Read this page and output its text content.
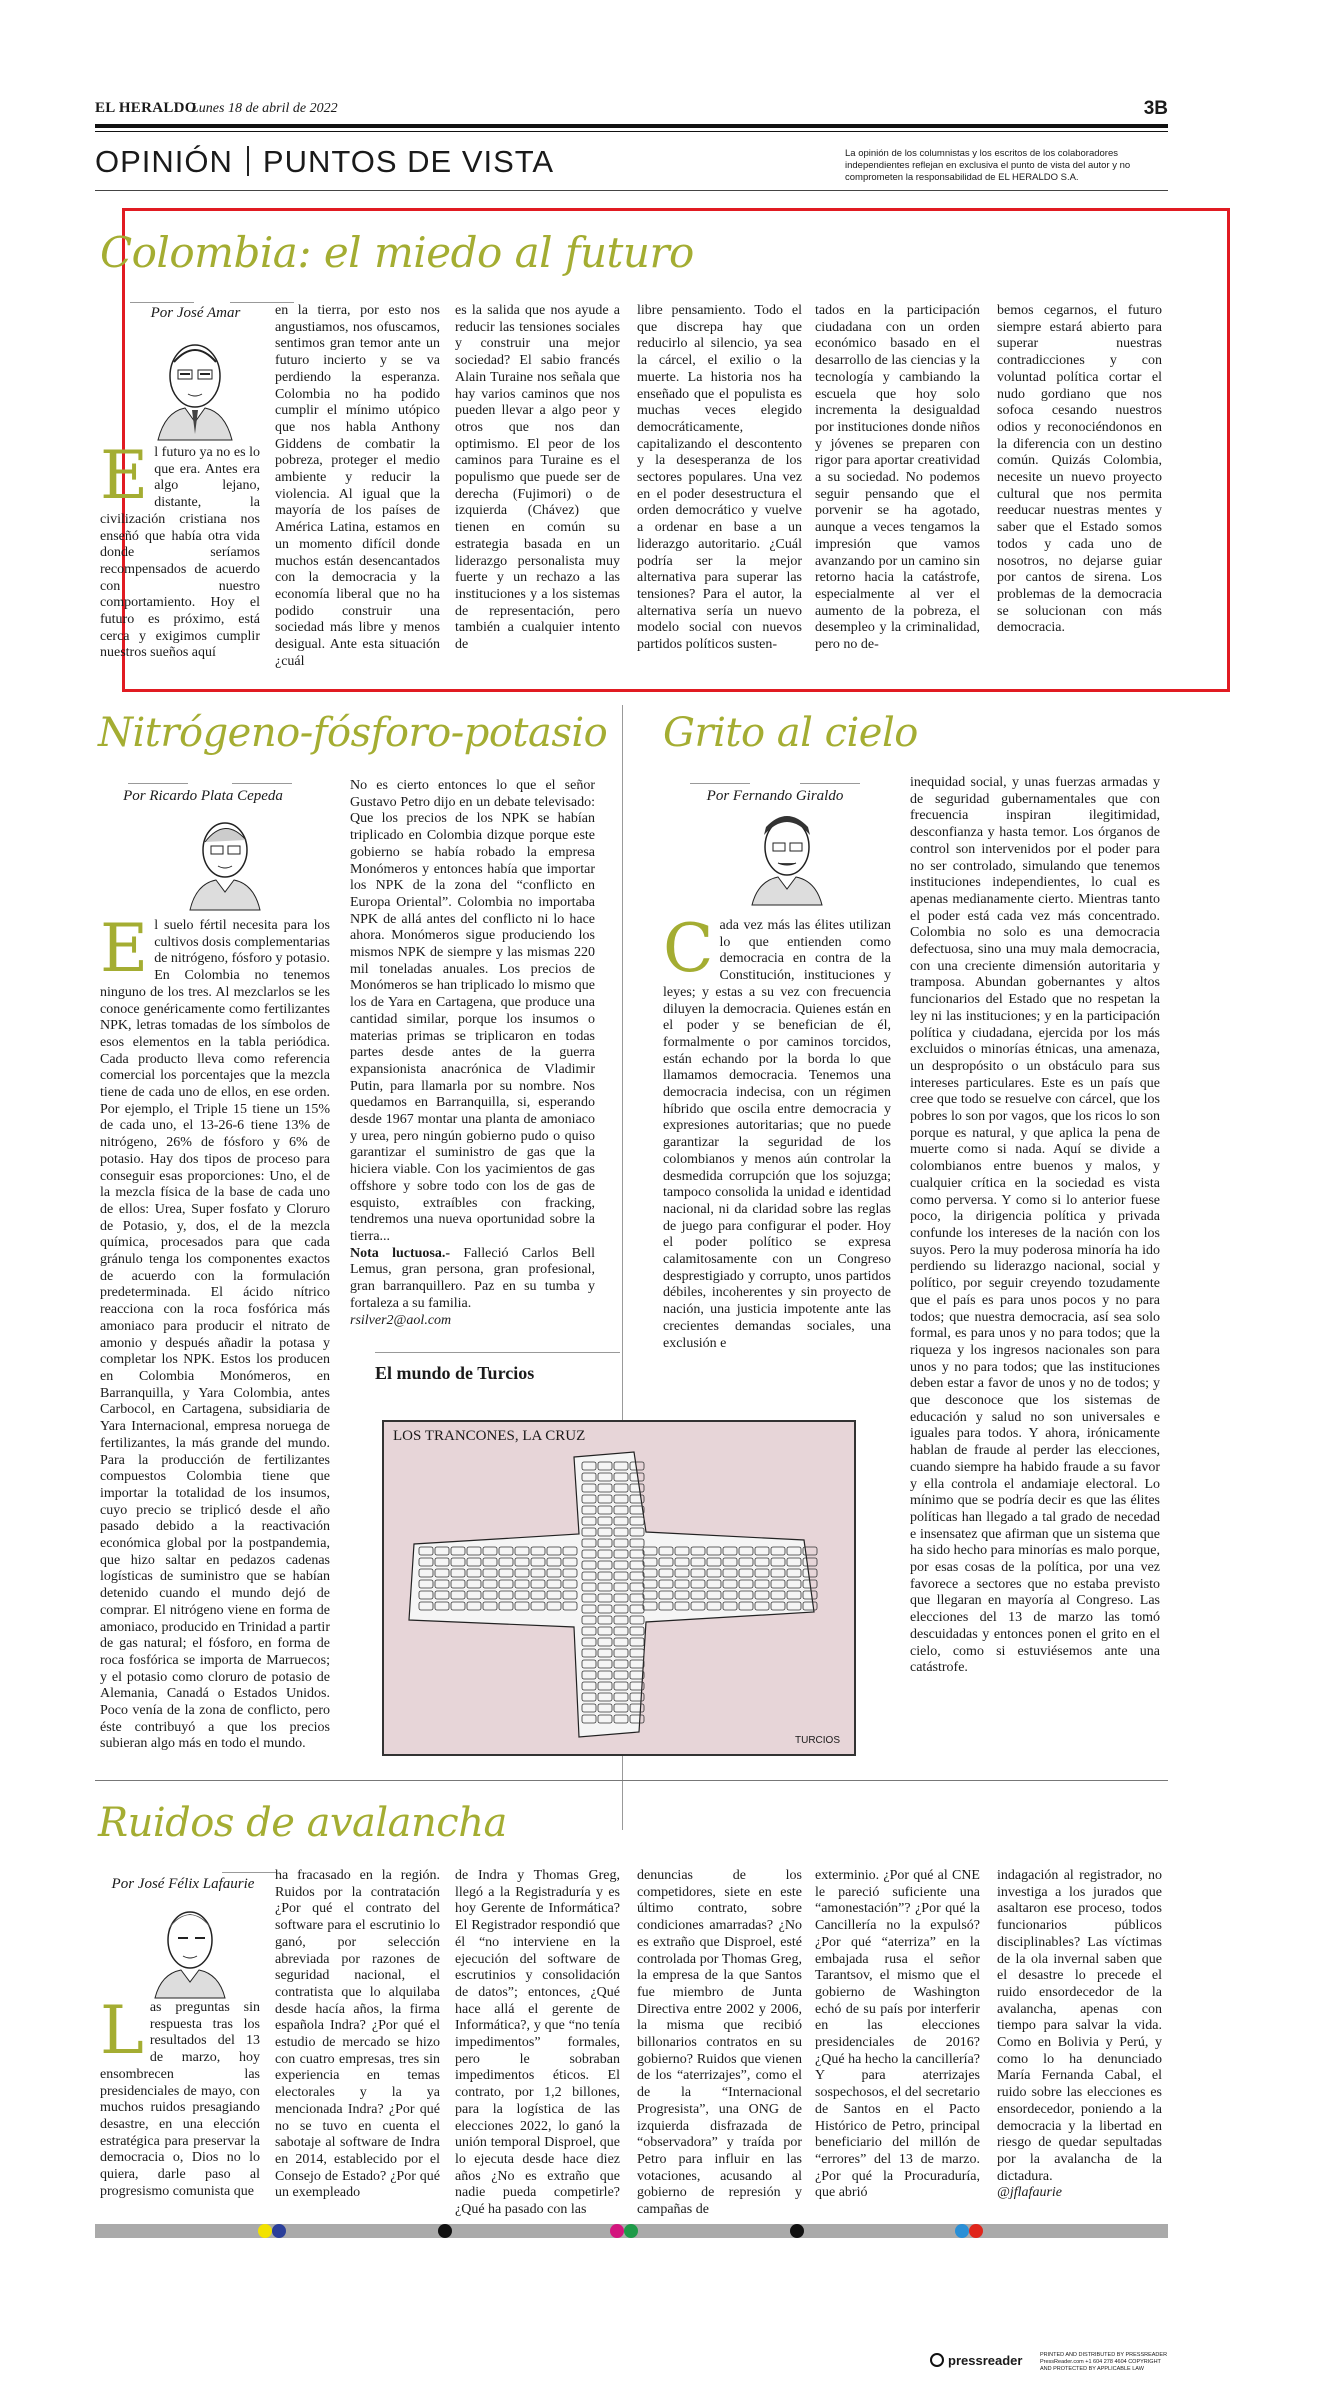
EL HERALDO
Lunes 18 de abril de 2022	3B
OPINIÓN PUNTOS DE VISTA	La opinión de los columnistas y los escritos de los colaboradores independientes reflejan en exclusiva el punto de vista del autor y no comprometen la responsabilidad de EL HERALDO S.A.
Colombia: el miedo al futuro
Por José Amar
El futuro ya no es lo que era. Antes era algo lejano, distante, la civilización cristiana nos enseñó que había otra vida donde seríamos recompensados de acuerdo con nuestro comportamiento. Hoy el futuro es próximo, está cerca y exigimos cumplir nuestros sueños aquí
en la tierra, por esto nos angustiamos, nos ofuscamos, sentimos gran temor ante un futuro incierto y se va perdiendo la esperanza. Colombia no ha podido cumplir el mínimo utópico que nos habla Anthony Giddens de combatir la pobreza, proteger el medio ambiente y reducir la violencia. Al igual que la mayoría de los países de América Latina, estamos en un momento difícil donde muchos están desencantados con la democracia y la economía liberal que no ha podido construir una sociedad más libre y menos desigual. Ante esta situación ¿cuál
es la salida que nos ayude a reducir las tensiones sociales y construir una mejor sociedad? El sabio francés Alain Turaine nos señala que hay varios caminos que nos pueden llevar a algo peor y otros que nos dan optimismo. El peor de los caminos para Turaine es el populismo que puede ser de derecha (Fujimori) o de izquierda (Chávez) que tienen en común su estrategia basada en un liderazgo personalista muy fuerte y un rechazo a las instituciones y a los sistemas de representación, pero también a cualquier intento de
libre pensamiento. Todo el que discrepa hay que reducirlo al silencio, ya sea la cárcel, el exilio o la muerte. La historia nos ha enseñado que el populista es muchas veces elegido democráticamente, capitalizando el descontento y la desesperanza de los sectores populares. Una vez en el poder desestructura el orden democrático y vuelve a ordenar en base a un liderazgo autoritario. ¿Cuál podría ser la mejor alternativa para superar las tensiones? Para el autor, la alternativa sería un nuevo modelo social con nuevos partidos políticos susten-
tados en la participación ciudadana con un orden económico basado en el desarrollo de las ciencias y la tecnología y cambiando la escuela que hoy solo incrementa la desigualdad por instituciones donde niños y jóvenes se preparen con rigor para aportar creatividad a su sociedad. No podemos seguir pensando que el porvenir se ha agotado, aunque a veces tengamos la impresión que vamos avanzando por un camino sin retorno hacia la catástrofe, especialmente al ver el aumento de la pobreza, el desempleo y la criminalidad, pero no de-
bemos cegarnos, el futuro siempre estará abierto para superar nuestras contradicciones y con voluntad política cortar el nudo gordiano que nos sofoca cesando nuestros odios y reconociéndonos en la diferencia con un destino común. Quizás Colombia, necesite un nuevo proyecto cultural que nos permita reeducar nuestras mentes y saber que el Estado somos todos y cada uno de nosotros, no dejarse guiar por cantos de sirena. Los problemas de la democracia se solucionan con más democracia.
Nitrógeno-fósforo-potasio
Por Ricardo Plata Cepeda
El suelo fértil necesita para los cultivos dosis complementarias de nitrógeno, fósforo y potasio. En Colombia no tenemos ninguno de los tres. Al mezclarlos se les conoce genéricamente como fertilizantes NPK, letras tomadas de los símbolos de esos elementos en la tabla periódica. Cada producto lleva como referencia comercial los porcentajes que la mezcla tiene de cada uno de ellos, en ese orden. Por ejemplo, el Triple 15 tiene un 15% de cada uno, el 13-26-6 tiene 13% de nitrógeno, 26% de fósforo y 6% de potasio. Hay dos tipos de proceso para conseguir esas proporciones: Uno, el de la mezcla física de la base de cada uno de ellos: Urea, Super fosfato y Cloruro de Potasio, y, dos, el de la mezcla química, procesados para que cada gránulo tenga los componentes exactos de acuerdo con la formulación predeterminada. El ácido nítrico reacciona con la roca fosfórica más amoniaco para producir el nitrato de amonio y después añadir la potasa y completar los NPK. Estos los producen en Colombia Monómeros, en Barranquilla, y Yara Colombia, antes Carbocol, en Cartagena, subsidiaria de Yara Internacional, empresa noruega de fertilizantes, la más grande del mundo. Para la producción de fertilizantes compuestos Colombia tiene que importar la totalidad de los insumos, cuyo precio se triplicó desde el año pasado debido a la reactivación económica global por la postpandemia, que hizo saltar en pedazos cadenas logísticas de suministro que se habían detenido cuando el mundo dejó de comprar. El nitrógeno viene en forma de amoniaco, producido en Trinidad a partir de gas natural; el fósforo, en forma de roca fosfórica se importa de Marruecos; y el potasio como cloruro de potasio de Alemania, Canadá o Estados Unidos. Poco venía de la zona de conflicto, pero éste contribuyó a que los precios subieran algo más en todo el mundo.
No es cierto entonces lo que el señor Gustavo Petro dijo en un debate televisado: Que los precios de los NPK se habían triplicado en Colombia dizque porque este gobierno se había robado la empresa Monómeros y entonces había que importar los NPK de la zona del “conflicto en Europa Oriental”. Colombia no importaba NPK de allá antes del conflicto ni lo hace ahora. Monómeros sigue produciendo los mismos NPK de siempre y las mismas 220 mil toneladas anuales. Los precios de Monómeros se han triplicado lo mismo que los de Yara en Cartagena, que produce una cantidad similar, porque los insumos o materias primas se triplicaron en todas partes desde antes de la guerra expansionista anacrónica de Vladimir Putin, para llamarla por su nombre. Nos quedamos en Barranquilla, si, esperando desde 1967 montar una planta de amoniaco y urea, pero ningún gobierno pudo o quiso garantizar el suministro de gas que la hiciera viable. Con los yacimientos de gas offshore y sobre todo con los de gas de esquisto, extraíbles con fracking, tendremos una nueva oportunidad sobre la tierra...
Nota luctuosa.- Falleció Carlos Bell Lemus, gran persona, gran profesional, gran barranquillero. Paz en su tumba y fortaleza a su familia.
rsilver2@aol.com
El mundo de Turcios
TURCIOS
LOS TRANCONES, LA CRUZ
Grito al cielo
Por Fernando Giraldo
Cada vez más las élites utilizan lo que entienden como democracia en contra de la Constitución, instituciones y leyes; y estas a su vez con frecuencia diluyen la democracia. Quienes están en el poder y se benefician de él, formalmente o por caminos torcidos, están echando por la borda lo que llamamos democracia. Tenemos una democracia indecisa, con un régimen híbrido que oscila entre democracia y expresiones autoritarias; que no puede garantizar la seguridad de los colombianos y menos aún controlar la desmedida corrupción que los sojuzga; tampoco consolida la unidad e identidad nacional, ni da claridad sobre las reglas de juego para configurar el poder. Hoy el poder político se expresa calamitosamente con un Congreso desprestigiado y corrupto, unos partidos débiles, incoherentes y sin proyecto de nación, una justicia impotente ante las crecientes demandas sociales, una exclusión e
inequidad social, y unas fuerzas armadas y de seguridad gubernamentales que con frecuencia inspiran ilegitimidad, desconfianza y hasta temor. Los órganos de control son intervenidos por el poder para no ser controlado, simulando que tenemos instituciones independientes, lo cual es apenas medianamente cierto. Mientras tanto el poder está cada vez más concentrado. Colombia no solo es una democracia defectuosa, sino una muy mala democracia, con una creciente dimensión autoritaria y tramposa. Abundan gobernantes y altos funcionarios del Estado que no respetan la ley ni las instituciones; y en la participación política y ciudadana, ejercida por los más excluidos o minorías étnicas, una amenaza, un despropósito o un obstáculo para sus intereses particulares. Este es un país que cree que todo se resuelve con cárcel, que los pobres lo son por vagos, que los ricos lo son porque es natural, y que aplica la pena de muerte como si nada. Aquí se divide a colombianos entre buenos y malos, y cualquier crítica en la sociedad es vista como perversa. Y como si lo anterior fuese poco, la dirigencia política y privada confunde los intereses de la nación con los suyos. Pero la muy poderosa minoría ha ido perdiendo su liderazgo nacional, social y político, por seguir creyendo tozudamente que el país es para unos pocos y no para todos; que nuestra democracia, así sea solo formal, es para unos y no para todos; que la riqueza y los ingresos nacionales son para unos y no para todos; que las instituciones deben estar a favor de unos y no de todos; y que desconoce que los sistemas de educación y salud no son universales e iguales para todos. Y ahora, irónicamente hablan de fraude al perder las elecciones, cuando siempre ha habido fraude a su favor y ella controla el andamiaje electoral. Lo mínimo que se podría decir es que las élites políticas han llegado a tal grado de necedad e insensatez que afirman que un sistema que ha sido hecho para minorías es malo porque, por esas cosas de la política, por una vez favorece a sectores que no estaba previsto que llegaran en mayoría al Congreso. Las elecciones del 13 de marzo las tomó descuidadas y entonces ponen el grito en el cielo, como si estuviésemos ante una catástrofe.
Ruidos de avalancha
Por José Félix Lafaurie
Las preguntas sin respuesta tras los resultados del 13 de marzo, hoy ensombrecen las presidenciales de mayo, con muchos ruidos presagiando desastre, en una elección estratégica para preservar la democracia o, Dios no lo quiera, darle paso al progresismo comunista que
ha fracasado en la región. Ruidos por la contratación ¿Por qué el contrato del software para el escrutinio lo ganó, por selección abreviada por razones de seguridad nacional, el contratista que lo alquilaba desde hacía años, la firma española Indra? ¿Por qué el estudio de mercado se hizo con cuatro empresas, tres sin experiencia en temas electorales y la ya mencionada Indra? ¿Por qué no se tuvo en cuenta el sabotaje al software de Indra en 2014, establecido por el Consejo de Estado? ¿Por qué un exempleado
de Indra y Thomas Greg, llegó a la Registraduría y es hoy Gerente de Informática? El Registrador respondió que él “no interviene en la ejecución del software de escrutinios y consolidación de datos”; entonces, ¿Qué hace allá el gerente de Informática?, y que “no tenía impedimentos” formales, pero le sobraban impedimentos éticos. El contrato, por 1,2 billones, para la logística de las elecciones 2022, lo ganó la unión temporal Disproel, que lo ejecuta desde hace diez años ¿No es extraño que nadie pueda competirle? ¿Qué ha pasado con las
denuncias de los competidores, siete en este último contrato, sobre condiciones amarradas? ¿No es extraño que Disproel, esté controlada por Thomas Greg, la empresa de la que Santos fue miembro de Junta Directiva entre 2002 y 2006, la misma que recibió billonarios contratos en su gobierno? Ruidos que vienen de los “aterrizajes”, como el de la “Internacional Progresista”, una ONG de izquierda disfrazada de “observadora” y traída por Petro para influir en las votaciones, acusando al gobierno de represión y campañas de
exterminio. ¿Por qué al CNE le pareció suficiente una “amonestación”? ¿Por qué la Cancillería no la expulsó? ¿Por qué “aterriza” en la embajada rusa el señor Tarantsov, el mismo que el gobierno de Washington echó de su país por interferir en las elecciones presidenciales de 2016? ¿Qué ha hecho la cancillería? Y para aterrizajes sospechosos, el del secretario de Santos en el Pacto Histórico de Petro, principal beneficiario del millón de “errores” del 13 de marzo. ¿Por qué la Procuraduría, que abrió
indagación al registrador, no investiga a los jurados que asaltaron ese proceso, todos funcionarios públicos disciplinables? Las víctimas de la ola invernal saben que el desastre lo precede el ruido ensordecedor de la avalancha, apenas con tiempo para salvar la vida. Como en Bolivia y Perú, y como lo ha denunciado María Fernanda Cabal, el ruido sobre las elecciones es ensordecedor, poniendo a la democracia y la libertad en riesgo de quedar sepultadas por la avalancha de la dictadura.
@jflafaurie
pressreader	PRINTED AND DISTRIBUTED BY PRESSREADER PressReader.com +1 604 278 4604 COPYRIGHT AND PROTECTED BY APPLICABLE LAW
